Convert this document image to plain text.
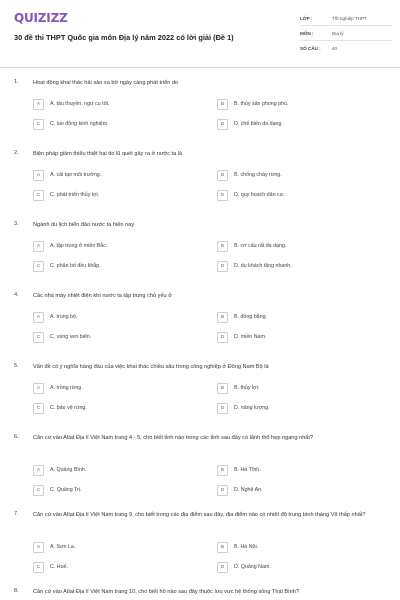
QUIZIZZ
30 đề thi THPT Quốc gia môn Địa lý năm 2022 có lời giải (Đề 1)
LỚP :	Tốt nghiệp THPT
MÔN :	Địa lý
SỐ CÂU :	40
1.	Hoạt động khai thác hải sản xa bờ ngày càng phát triển do
A	A. tàu thuyền, ngư cụ tốt.	B	B. thủy sản phong phú.
C	C. lao động kinh nghiệm.	D	D. chế biến đa dạng.
2.	Biện pháp giảm thiểu thiệt hại do lũ quét gây ra ở nước ta là
A	A. cải tạo môi trường.	B	B. chống cháy rừng.
C	C. phát triển thủy lợi.	D	D. quy hoạch dân cư.
3.	Ngành du lịch biển đảo nước ta hiện nay
A	A. tập trung ở miền Bắc.	B	B. cơ cấu rất đa dạng.
C	C. phân bố đều khắp.	D	D. du khách tăng nhanh.
4.	Các nhà máy nhiệt điện khí nước ta tập trung chủ yếu ở
A	A. trung bộ.	B	B. đồng bằng.
C	C. vùng ven biển.	D	D. miền Nam.
5.	Vấn đề có ý nghĩa hàng đầu của việc khai thác chiều sâu trong công nghiệp ở Đông Nam Bộ là
A	A. trồng rừng.	B	B. thủy lợi.
C	C. bảo vệ rừng.	D	D. năng lượng.
6.	Căn cứ vào Atlat Địa lí Việt Nam trang 4 - 5, cho biết tỉnh nào trong các tỉnh sau đây có lãnh thổ hẹp ngang nhất?
A	A. Quảng Bình.	B	B. Hà Tĩnh.
C	C. Quảng Trị.	D	D. Nghệ An.
7.	Căn cứ vào Atlat Địa lí Việt Nam trang 9, cho biết trong các địa điểm sau đây, địa điểm nào có nhiệt độ trung bình tháng VII thấp nhất?
A	A. Sơn La.	B	B. Hà Nội.
C	C. Huế.	D	D. Quảng Nam.
8.	Căn cứ vào Atlat Địa lí Việt Nam trang 10, cho biết hồ nào sau đây thuộc lưu vực hệ thống sông Thái Bình?
